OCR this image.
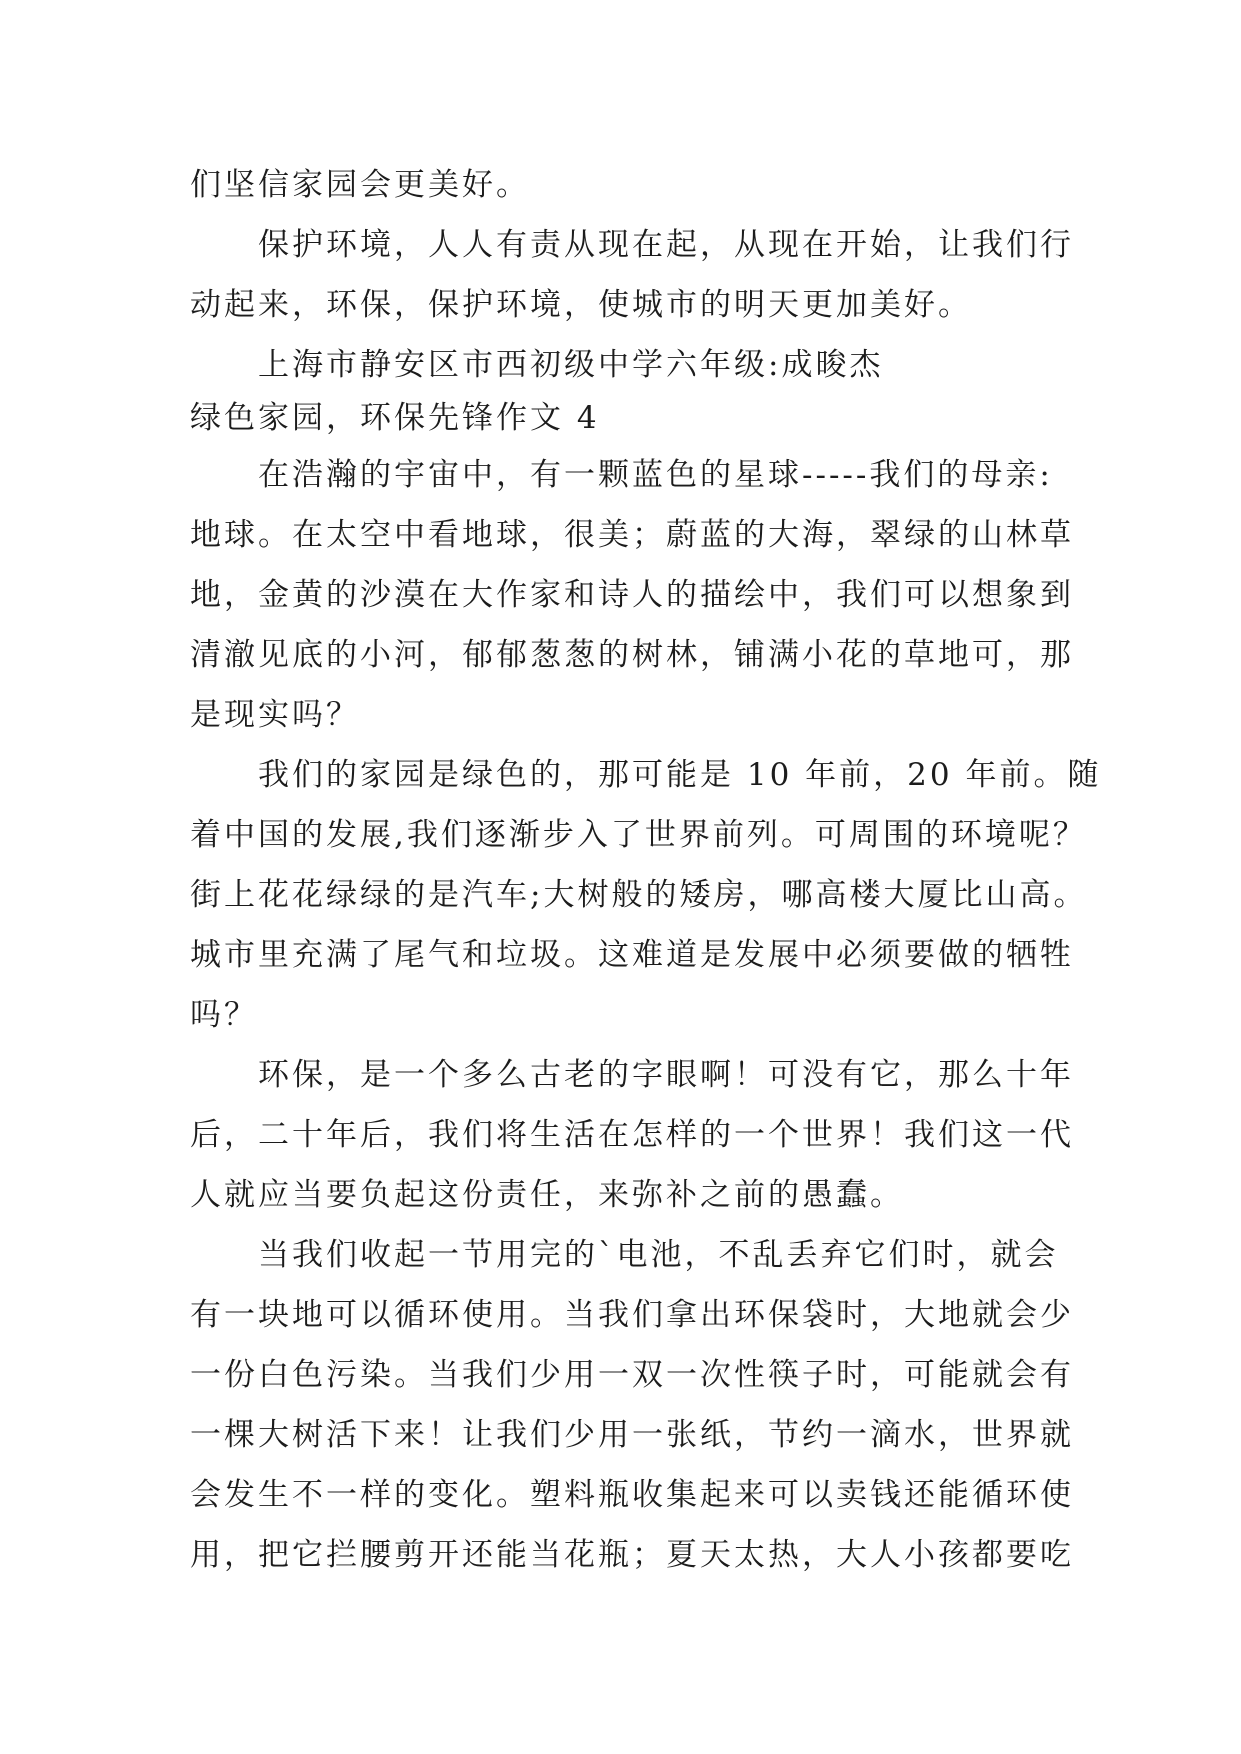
们坚信家园会更美好。
保护环境，人人有责从现在起，从现在开始，让我们行
动起来，环保，保护环境，使城市的明天更加美好。
上海市静安区市西初级中学六年级:成晙杰
绿色家园，环保先锋作文 4
在浩瀚的宇宙中，有一颗蓝色的星球-----我们的母亲:
地球。在太空中看地球，很美；蔚蓝的大海，翠绿的山林草
地，金黄的沙漠在大作家和诗人的描绘中，我们可以想象到
清澈见底的小河，郁郁葱葱的树林，铺满小花的草地可，那
是现实吗？
我们的家园是绿色的，那可能是 10 年前，20 年前。随
着中国的发展,我们逐渐步入了世界前列。可周围的环境呢？
街上花花绿绿的是汽车;大树般的矮房，哪高楼大厦比山高。
城市里充满了尾气和垃圾。这难道是发展中必须要做的牺牲
吗？
环保，是一个多么古老的字眼啊！可没有它，那么十年
后，二十年后，我们将生活在怎样的一个世界！我们这一代
人就应当要负起这份责任，来弥补之前的愚蠢。
当我们收起一节用完的`电池，不乱丢弃它们时，就会
有一块地可以循环使用。当我们拿出环保袋时，大地就会少
一份白色污染。当我们少用一双一次性筷子时，可能就会有
一棵大树活下来！让我们少用一张纸，节约一滴水，世界就
会发生不一样的变化。塑料瓶收集起来可以卖钱还能循环使
用，把它拦腰剪开还能当花瓶；夏天太热，大人小孩都要吃
